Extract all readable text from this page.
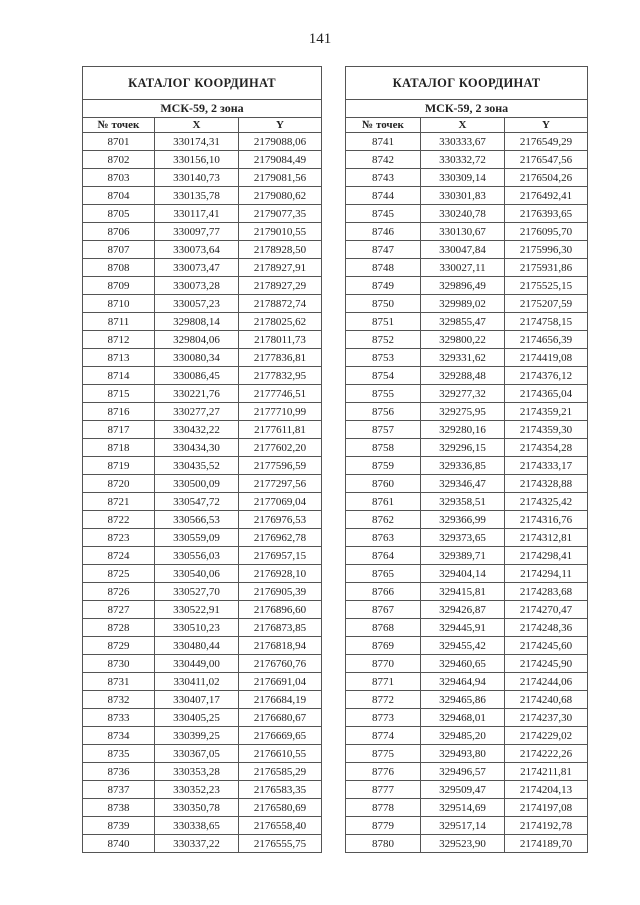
141
КАТАЛОГ КООРДИНАТ		
МСК-59, 2 зона		
№ точек	X	Y
8701	330174,31	2179088,06
8702	330156,10	2179084,49
8703	330140,73	2179081,56
8704	330135,78	2179080,62
8705	330117,41	2179077,35
8706	330097,77	2179010,55
8707	330073,64	2178928,50
8708	330073,47	2178927,91
8709	330073,28	2178927,29
8710	330057,23	2178872,74
8711	329808,14	2178025,62
8712	329804,06	2178011,73
8713	330080,34	2177836,81
8714	330086,45	2177832,95
8715	330221,76	2177746,51
8716	330277,27	2177710,99
8717	330432,22	2177611,81
8718	330434,30	2177602,20
8719	330435,52	2177596,59
8720	330500,09	2177297,56
8721	330547,72	2177069,04
8722	330566,53	2176976,53
8723	330559,09	2176962,78
8724	330556,03	2176957,15
8725	330540,06	2176928,10
8726	330527,70	2176905,39
8727	330522,91	2176896,60
8728	330510,23	2176873,85
8729	330480,44	2176818,94
8730	330449,00	2176760,76
8731	330411,02	2176691,04
8732	330407,17	2176684,19
8733	330405,25	2176680,67
8734	330399,25	2176669,65
8735	330367,05	2176610,55
8736	330353,28	2176585,29
8737	330352,23	2176583,35
8738	330350,78	2176580,69
8739	330338,65	2176558,40
8740	330337,22	2176555,75
КАТАЛОГ КООРДИНАТ		
МСК-59, 2 зона		
№ точек	X	Y
8741	330333,67	2176549,29
8742	330332,72	2176547,56
8743	330309,14	2176504,26
8744	330301,83	2176492,41
8745	330240,78	2176393,65
8746	330130,67	2176095,70
8747	330047,84	2175996,30
8748	330027,11	2175931,86
8749	329896,49	2175525,15
8750	329989,02	2175207,59
8751	329855,47	2174758,15
8752	329800,22	2174656,39
8753	329331,62	2174419,08
8754	329288,48	2174376,12
8755	329277,32	2174365,04
8756	329275,95	2174359,21
8757	329280,16	2174359,30
8758	329296,15	2174354,28
8759	329336,85	2174333,17
8760	329346,47	2174328,88
8761	329358,51	2174325,42
8762	329366,99	2174316,76
8763	329373,65	2174312,81
8764	329389,71	2174298,41
8765	329404,14	2174294,11
8766	329415,81	2174283,68
8767	329426,87	2174270,47
8768	329445,91	2174248,36
8769	329455,42	2174245,60
8770	329460,65	2174245,90
8771	329464,94	2174244,06
8772	329465,86	2174240,68
8773	329468,01	2174237,30
8774	329485,20	2174229,02
8775	329493,80	2174222,26
8776	329496,57	2174211,81
8777	329509,47	2174204,13
8778	329514,69	2174197,08
8779	329517,14	2174192,78
8780	329523,90	2174189,70
